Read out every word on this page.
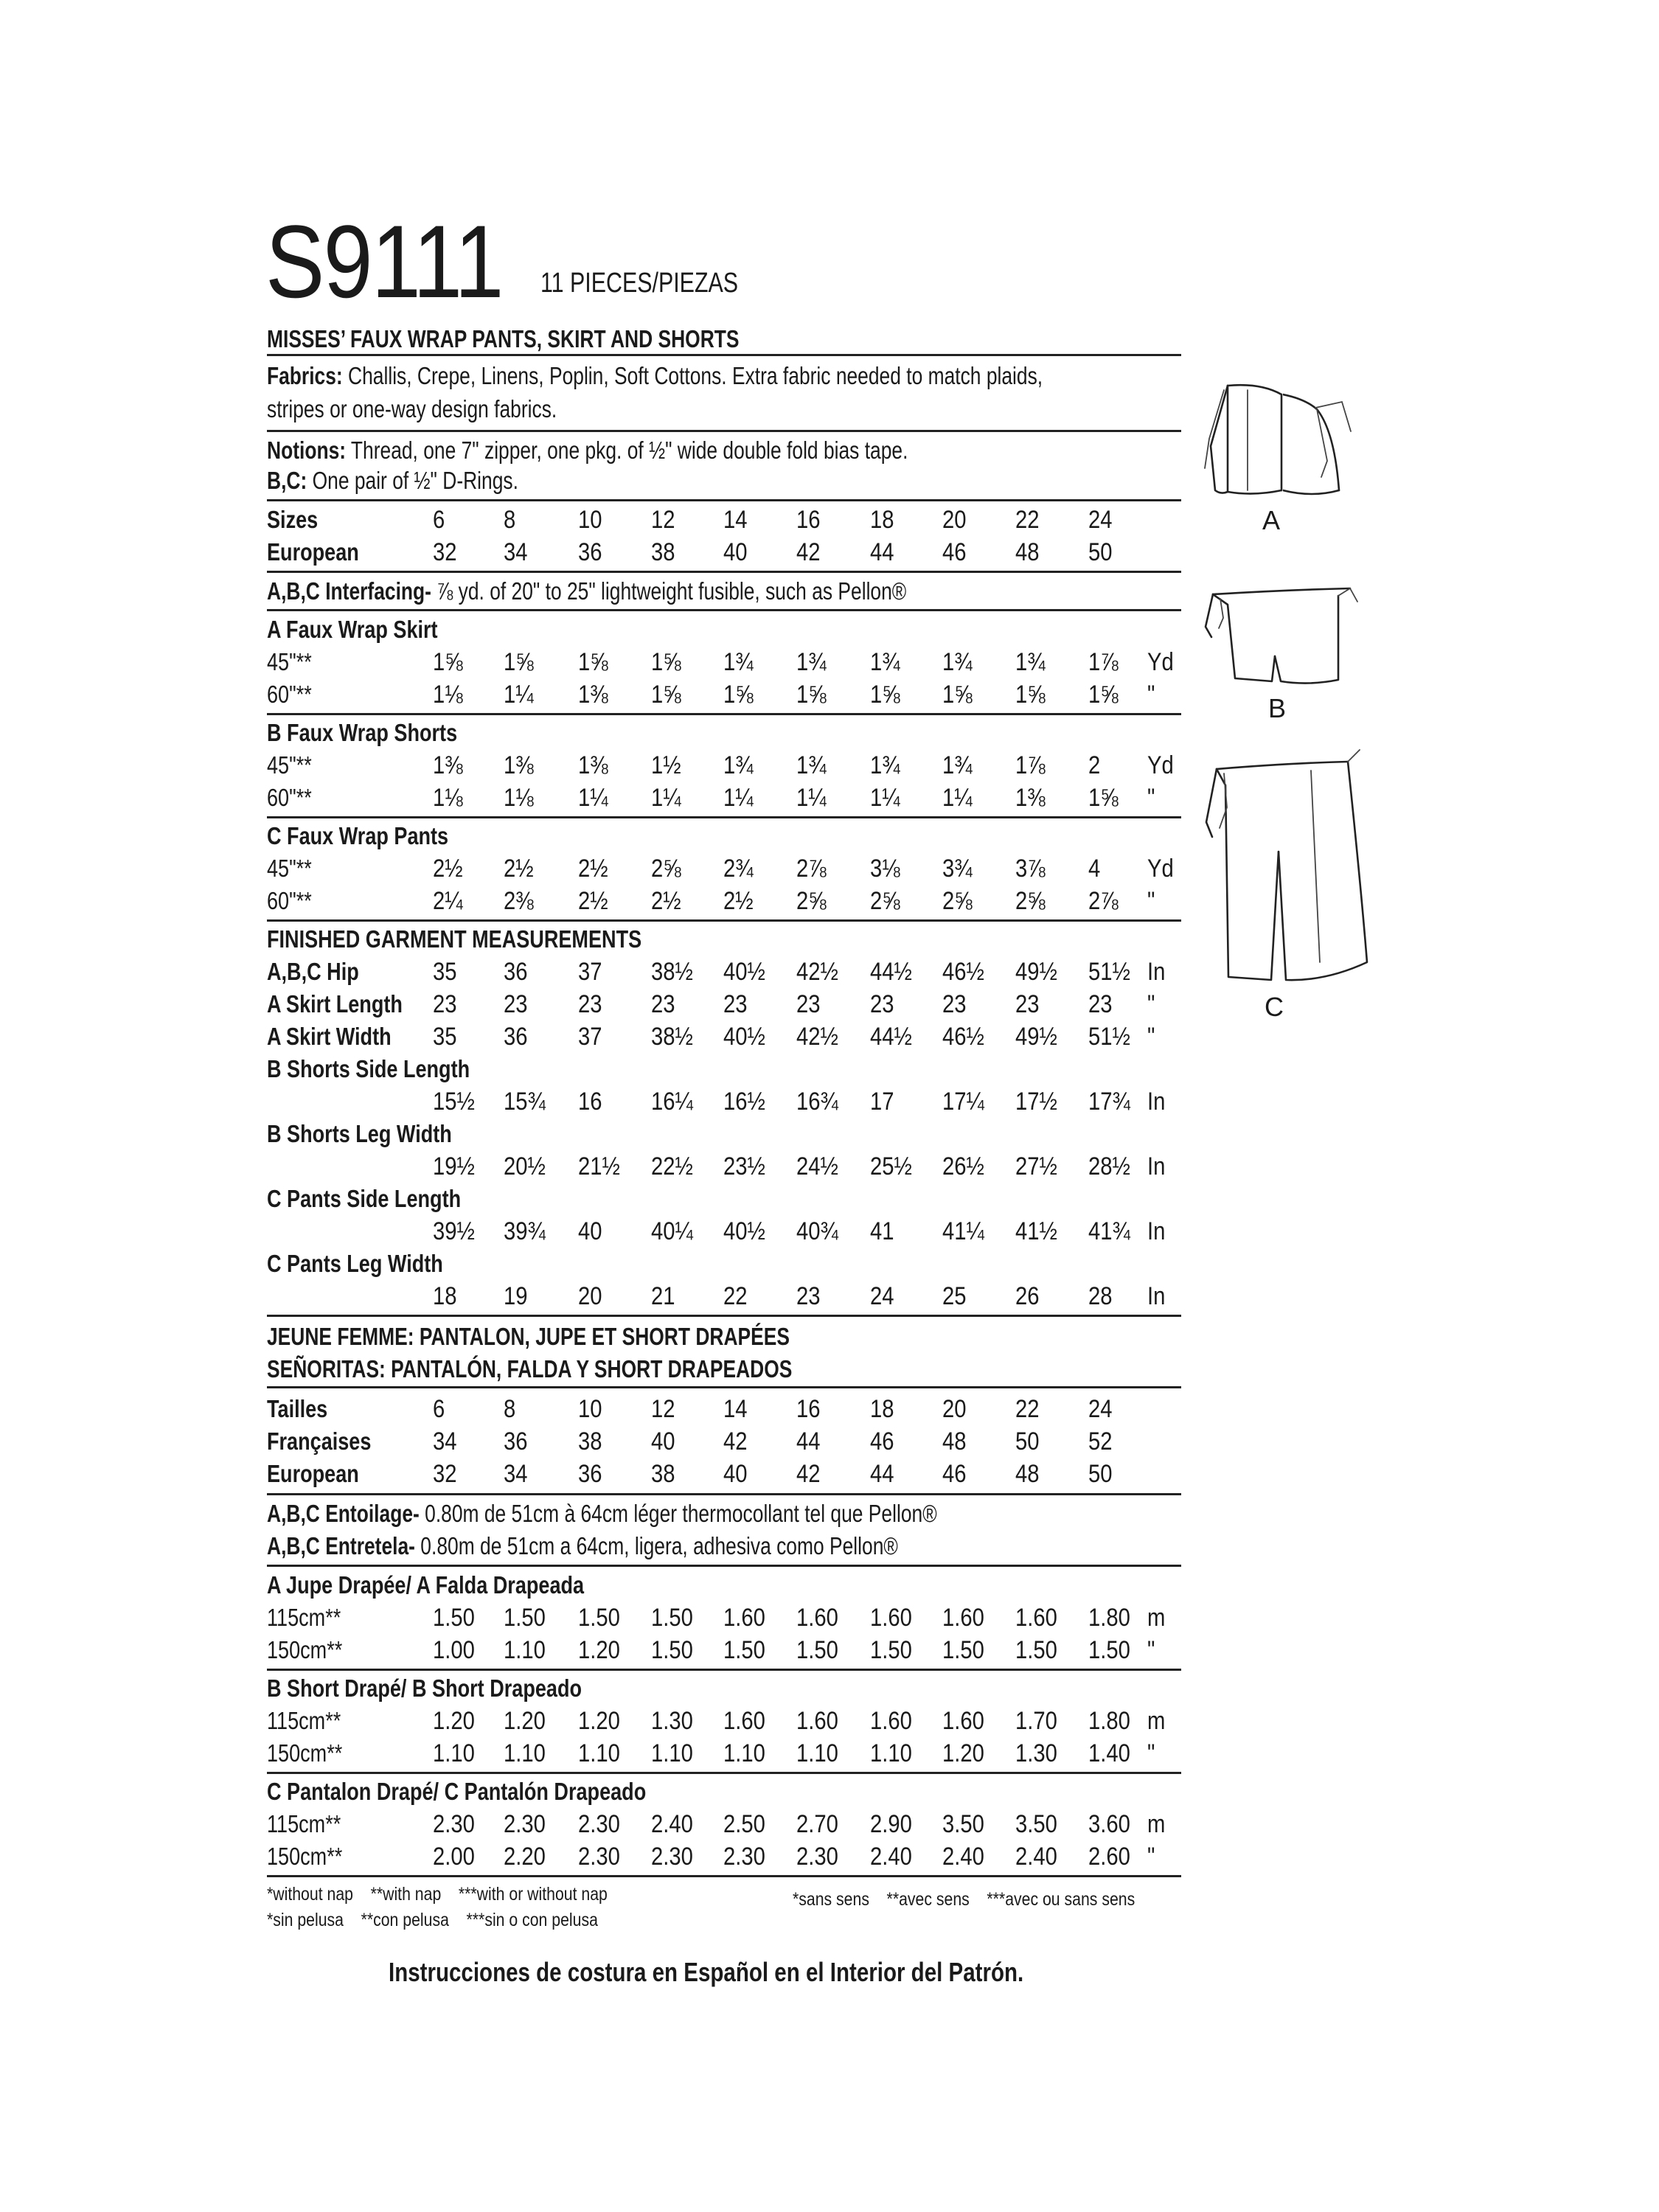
S9111	11 PIECES/PIEZAS
MISSES’ FAUX WRAP PANTS, SKIRT AND SHORTS
Fabrics: Challis, Crepe, Linens, Poplin, Soft Cottons. Extra fabric needed to match plaids,
stripes or one-way design fabrics.
Notions: Thread, one 7" zipper, one pkg. of ½" wide double fold bias tape.
B,C: One pair of ½" D-Rings.
Sizes	6 8 10 12 14 16 18 20 22 24
European	32 34 36 38 40 42 44 46 48 50
A,B,C Interfacing- ⅞ yd. of 20" to 25" lightweight fusible, such as Pellon®
A Faux Wrap Skirt
45"**	1⅝ 1⅝ 1⅝ 1⅝ 1¾ 1¾ 1¾ 1¾ 1¾ 1⅞ Yd
60"**	1⅛ 1¼ 1⅜ 1⅝ 1⅝ 1⅝ 1⅝ 1⅝ 1⅝ 1⅝ "
B Faux Wrap Shorts
45"**	1⅜ 1⅜ 1⅜ 1½ 1¾ 1¾ 1¾ 1¾ 1⅞ 2 Yd
60"**	1⅛ 1⅛ 1¼ 1¼ 1¼ 1¼ 1¼ 1¼ 1⅜ 1⅝ "
C Faux Wrap Pants
45"**	2½ 2½ 2½ 2⅝ 2¾ 2⅞ 3⅛ 3¾ 3⅞ 4 Yd
60"**	2¼ 2⅜ 2½ 2½ 2½ 2⅝ 2⅝ 2⅝ 2⅝ 2⅞ "
FINISHED GARMENT MEASUREMENTS
A,B,C Hip	35 36 37 38½ 40½ 42½ 44½ 46½ 49½ 51½ In
A Skirt Length	23 23 23 23 23 23 23 23 23 23 "
A Skirt Width	35 36 37 38½ 40½ 42½ 44½ 46½ 49½ 51½ "
B Shorts Side Length
15½ 15¾ 16 16¼ 16½ 16¾ 17 17¼ 17½ 17¾ In
B Shorts Leg Width
19½ 20½ 21½ 22½ 23½ 24½ 25½ 26½ 27½ 28½ In
C Pants Side Length
39½ 39¾ 40 40¼ 40½ 40¾ 41 41¼ 41½ 41¾ In
C Pants Leg Width
18 19 20 21 22 23 24 25 26 28 In
JEUNE FEMME: PANTALON, JUPE ET SHORT DRAPÉES
SEÑORITAS: PANTALÓN, FALDA Y SHORT DRAPEADOS
Tailles	6 8 10 12 14 16 18 20 22 24
Françaises	34 36 38 40 42 44 46 48 50 52
European	32 34 36 38 40 42 44 46 48 50
A,B,C Entoilage- 0.80m de 51cm à 64cm léger thermocollant tel que Pellon®
A,B,C Entretela- 0.80m de 51cm a 64cm, ligera, adhesiva como Pellon®
A Jupe Drapée/ A Falda Drapeada
115cm**	1.50 1.50 1.50 1.50 1.60 1.60 1.60 1.60 1.60 1.80 m
150cm**	1.00 1.10 1.20 1.50 1.50 1.50 1.50 1.50 1.50 1.50 "
B Short Drapé/ B Short Drapeado
115cm**	1.20 1.20 1.20 1.30 1.60 1.60 1.60 1.60 1.70 1.80 m
150cm**	1.10 1.10 1.10 1.10 1.10 1.10 1.10 1.20 1.30 1.40 "
C Pantalon Drapé/ C Pantalón Drapeado
115cm**	2.30 2.30 2.30 2.40 2.50 2.70 2.90 3.50 3.50 3.60 m
150cm**	2.00 2.20 2.30 2.30 2.30 2.30 2.40 2.40 2.40 2.60 "
*without nap    **with nap    ***with or without nap
*sin pelusa    **con pelusa    ***sin o con pelusa
*sans sens    **avec sens    ***avec ou sans sens
Instrucciones de costura en Español en el Interior del Patrón.
A
B
C
